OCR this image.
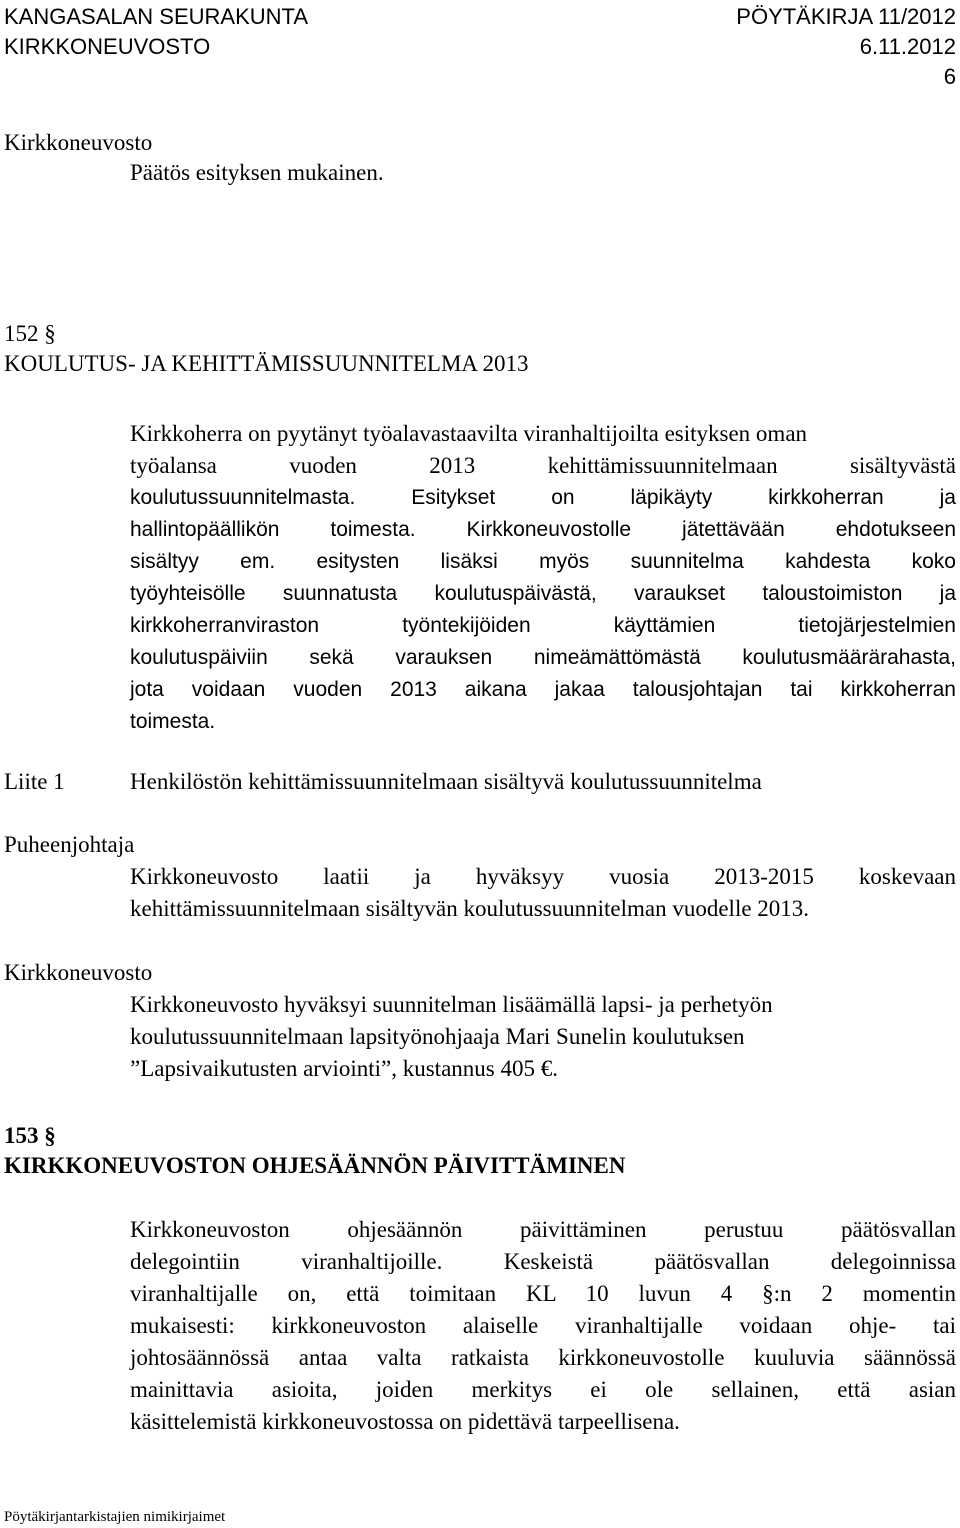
KANGASALAN SEURAKUNTA	PÖYTÄKIRJA 11/2012
KIRKKONEUVOSTO	6.11.2012
6
Kirkkoneuvosto
Päätös esityksen mukainen.
152 §
KOULUTUS- JA KEHITTÄMISSUUNNITELMA 2013
Kirkkoherra on pyytänyt työalavastaavilta viranhaltijoilta esityksen oman
työalansa vuoden 2013 kehittämissuunnitelmaan sisältyvästä
koulutussuunnitelmasta. Esitykset on läpikäyty kirkkoherran ja
hallintopäällikön toimesta. Kirkkoneuvostolle jätettävään ehdotukseen
sisältyy em. esitysten lisäksi myös suunnitelma kahdesta koko
työyhteisölle suunnatusta koulutuspäivästä, varaukset taloustoimiston ja
kirkkoherranviraston työntekijöiden käyttämien tietojärjestelmien
koulutuspäiviin sekä varauksen nimeämättömästä koulutusmäärärahasta,
jota voidaan vuoden 2013 aikana jakaa talousjohtajan tai kirkkoherran
toimesta.
Liite 1	Henkilöstön kehittämissuunnitelmaan sisältyvä koulutussuunnitelma
Puheenjohtaja
Kirkkoneuvosto laatii ja hyväksyy vuosia 2013-2015 koskevaan
kehittämissuunnitelmaan sisältyvän koulutussuunnitelman vuodelle 2013.
Kirkkoneuvosto
Kirkkoneuvosto hyväksyi suunnitelman lisäämällä lapsi- ja perhetyön
koulutussuunnitelmaan lapsityönohjaaja Mari Sunelin koulutuksen
”Lapsivaikutusten arviointi”, kustannus 405 €.
153 §
KIRKKONEUVOSTON OHJESÄÄNNÖN PÄIVITTÄMINEN
Kirkkoneuvoston ohjesäännön päivittäminen perustuu päätösvallan
delegointiin viranhaltijoille. Keskeistä päätösvallan delegoinnissa
viranhaltijalle on, että toimitaan KL 10 luvun 4 §:n 2 momentin
mukaisesti: kirkkoneuvoston alaiselle viranhaltijalle voidaan ohje- tai
johtosäännössä antaa valta ratkaista kirkkoneuvostolle kuuluvia säännössä
mainittavia asioita, joiden merkitys ei ole sellainen, että asian
käsittelemistä kirkkoneuvostossa on pidettävä tarpeellisena.
Pöytäkirjantarkistajien nimikirjaimet
